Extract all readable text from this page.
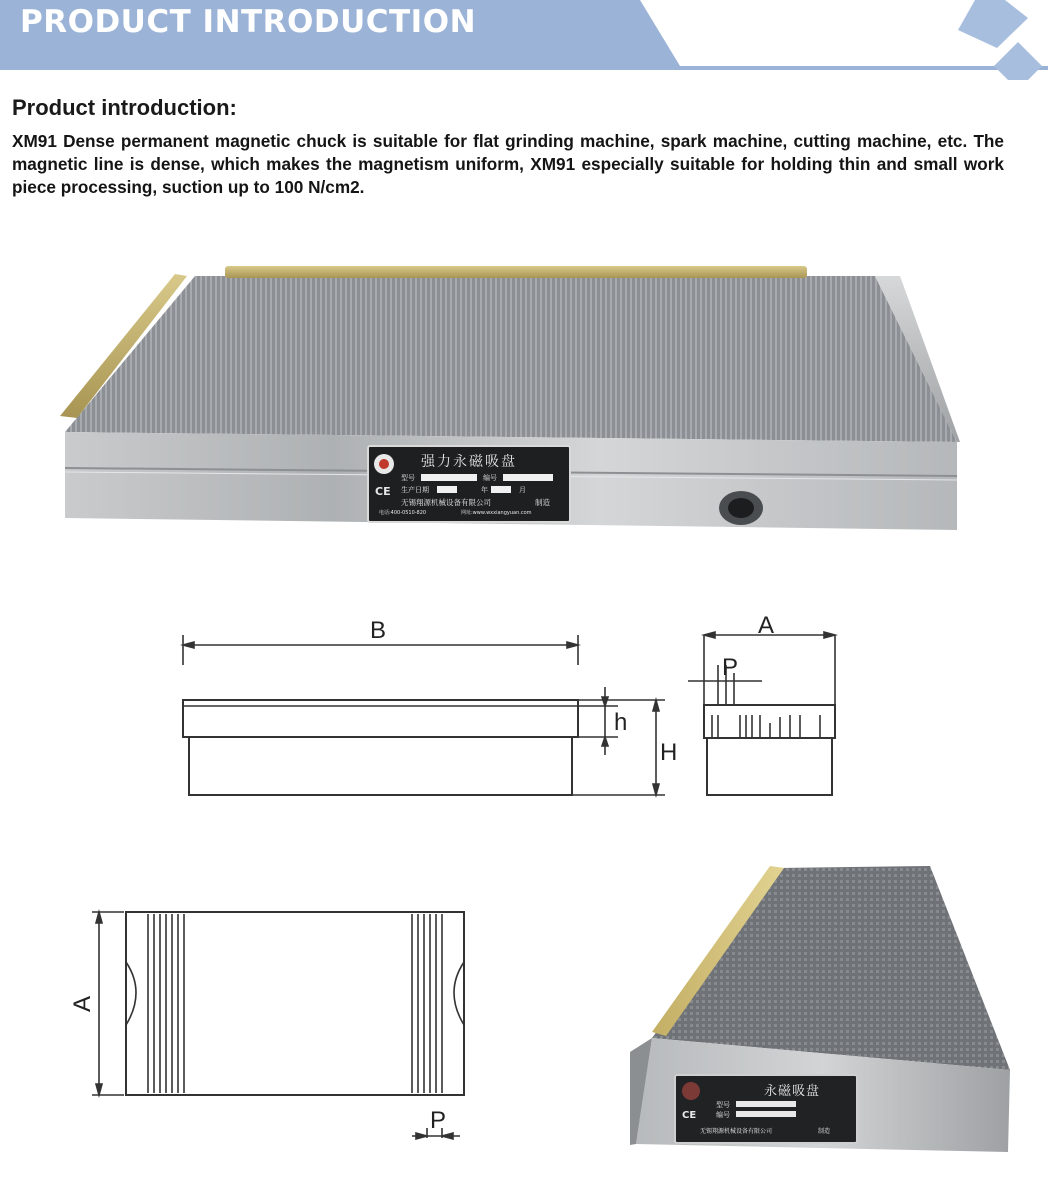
PRODUCT INTRODUCTION
Product introduction:
XM91 Dense permanent magnetic chuck is suitable for flat grinding machine, spark machine, cutting machine, etc. The magnetic line is dense, which makes the magnetism uniform, XM91 especially suitable for holding thin and small work piece processing, suction up to 100 N/cm2.
CE
强力永磁吸盘
型号	编号
生产日期	年	月
无锡翔源机械设备有限公司	制造
电话:400-0510-820	网址:www.wxxiangyuan.com
B
h
H
A
P
A
P	CE
永磁吸盘
型号
编号
无锡翔源机械设备有限公司	制造
